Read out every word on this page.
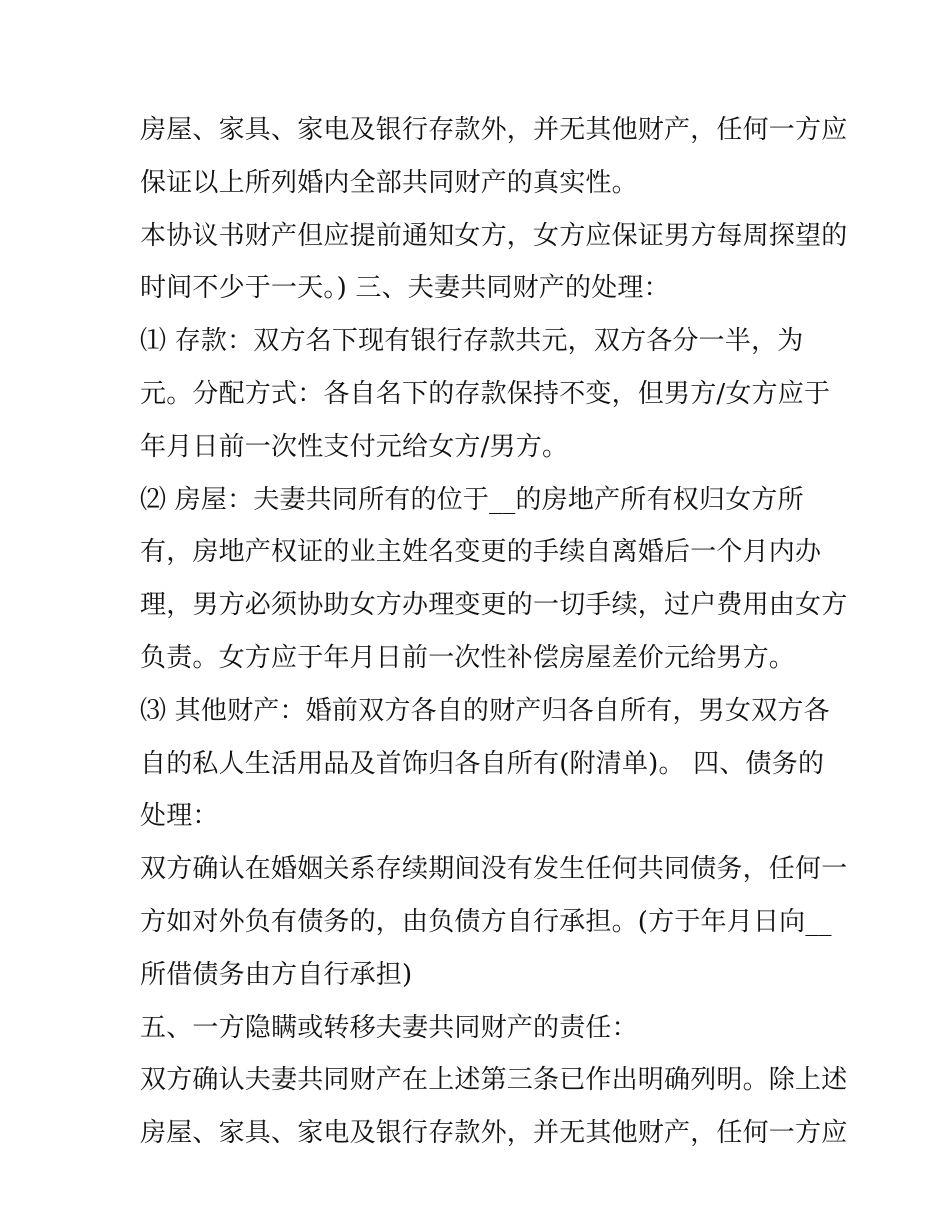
房屋、家具、家电及银行存款外，并无其他财产，任何一方应
保证以上所列婚内全部共同财产的真实性。
本协议书财产但应提前通知女方，女方应保证男方每周探望的
时间不少于一天。) 三、夫妻共同财产的处理：
⑴ 存款：双方名下现有银行存款共元，双方各分一半，为
元。分配方式：各自名下的存款保持不变，但男方/女方应于
年月日前一次性支付元给女方/男方。
⑵ 房屋：夫妻共同所有的位于__的房地产所有权归女方所
有，房地产权证的业主姓名变更的手续自离婚后一个月内办
理，男方必须协助女方办理变更的一切手续，过户费用由女方
负责。女方应于年月日前一次性补偿房屋差价元给男方。
⑶ 其他财产：婚前双方各自的财产归各自所有，男女双方各
自的私人生活用品及首饰归各自所有(附清单)。 四、债务的
处理：
双方确认在婚姻关系存续期间没有发生任何共同债务，任何一
方如对外负有债务的，由负债方自行承担。(方于年月日向__
所借债务由方自行承担)
五、一方隐瞒或转移夫妻共同财产的责任：
双方确认夫妻共同财产在上述第三条已作出明确列明。除上述
房屋、家具、家电及银行存款外，并无其他财产，任何一方应
